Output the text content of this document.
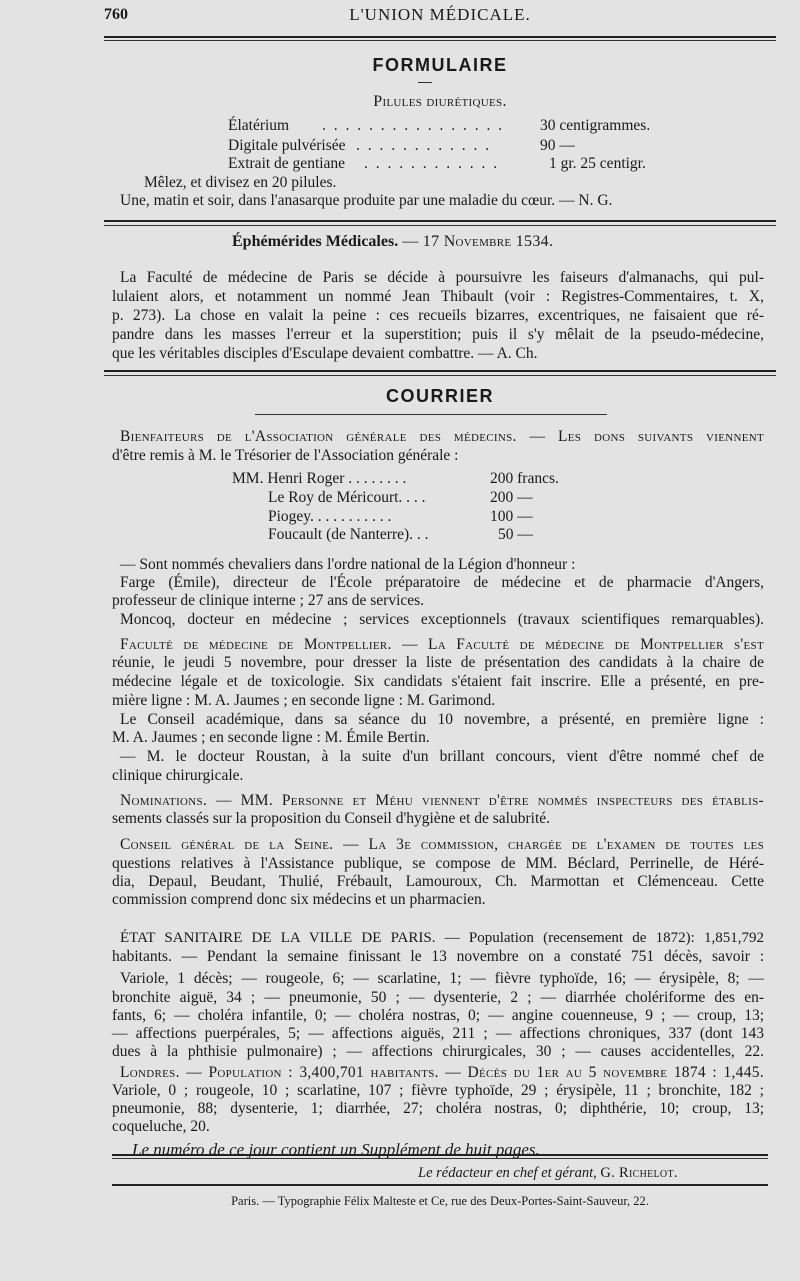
760	L'UNION MÉDICALE.
FORMULAIRE
Pilules diurétiques.
Élatérium . . . . . . . . . . . . . . . . 30 centigrammes.
Digitale pulvérisée . . . . . . . . . . . .	90 —
Extrait de gentiane . . . . . . . . . . . .	1 gr. 25 centigr.
Mêlez, et divisez en 20 pilules.
Une, matin et soir, dans l'anasarque produite par une maladie du cœur. — N. G.
Éphémérides Médicales. — 17 Novembre 1534.
La Faculté de médecine de Paris se décide à poursuivre les faiseurs d'almanachs, qui pul-
lulaient alors, et notamment un nommé Jean Thibault (voir : Registres-Commentaires, t. X,
p. 273). La chose en valait la peine : ces recueils bizarres, excentriques, ne faisaient que ré-
pandre dans les masses l'erreur et la superstition; puis il s'y mêlait de la pseudo-médecine,
que les véritables disciples d'Esculape devaient combattre. — A. Ch.
COURRIER
Bienfaiteurs de l'Association générale des médecins. — Les dons suivants viennent
d'être remis à M. le Trésorier de l'Association générale :
MM. Henri Roger . . . . . . . .	200 francs.
Le Roy de Méricourt. . . .	200 —
Piogey. . . . . . . . . . .	100 —
Foucault (de Nanterre). . .	50 —
— Sont nommés chevaliers dans l'ordre national de la Légion d'honneur :
Farge (Émile), directeur de l'École préparatoire de médecine et de pharmacie d'Angers,
professeur de clinique interne ; 27 ans de services.
Moncoq, docteur en médecine ; services exceptionnels (travaux scientifiques remarquables).
Faculté de médecine de Montpellier. — La Faculté de médecine de Montpellier s'est
réunie, le jeudi 5 novembre, pour dresser la liste de présentation des candidats à la chaire de
médecine légale et de toxicologie. Six candidats s'étaient fait inscrire. Elle a présenté, en pre-
mière ligne : M. A. Jaumes ; en seconde ligne : M. Garimond.
Le Conseil académique, dans sa séance du 10 novembre, a présenté, en première ligne :
M. A. Jaumes ; en seconde ligne : M. Émile Bertin.
— M. le docteur Roustan, à la suite d'un brillant concours, vient d'être nommé chef de
clinique chirurgicale.
Nominations. — MM. Personne et Méhu viennent d'être nommés inspecteurs des établis-
sements classés sur la proposition du Conseil d'hygiène et de salubrité.
Conseil général de la Seine. — La 3e commission, chargée de l'examen de toutes les
questions relatives à l'Assistance publique, se compose de MM. Béclard, Perrinelle, de Héré-
dia, Depaul, Beudant, Thulié, Frébault, Lamouroux, Ch. Marmottan et Clémenceau. Cette
commission comprend donc six médecins et un pharmacien.
ÉTAT SANITAIRE DE LA VILLE DE PARIS. — Population (recensement de 1872): 1,851,792
habitants. — Pendant la semaine finissant le 13 novembre on a constaté 751 décès, savoir :
Variole, 1 décès; — rougeole, 6; — scarlatine, 1; — fièvre typhoïde, 16; — érysipèle, 8; —
bronchite aiguë, 34 ; — pneumonie, 50 ; — dysenterie, 2 ; — diarrhée cholériforme des en-
fants, 6; — choléra infantile, 0; — choléra nostras, 0; — angine couenneuse, 9 ; — croup, 13;
— affections puerpérales, 5; — affections aiguës, 211 ; — affections chroniques, 337 (dont 143
dues à la phthisie pulmonaire) ; — affections chirurgicales, 30 ; — causes accidentelles, 22.
Londres. — Population : 3,400,701 habitants. — Décès du 1er au 5 novembre 1874 : 1,445.
Variole, 0 ; rougeole, 10 ; scarlatine, 107 ; fièvre typhoïde, 29 ; érysipèle, 11 ; bronchite, 182 ;
pneumonie, 88; dysenterie, 1; diarrhée, 27; choléra nostras, 0; diphthérie, 10; croup, 13;
coqueluche, 20.
Le numéro de ce jour contient un Supplément de huit pages.
Le rédacteur en chef et gérant, G. Richelot.
Paris. — Typographie Félix Malteste et Ce, rue des Deux-Portes-Saint-Sauveur, 22.
